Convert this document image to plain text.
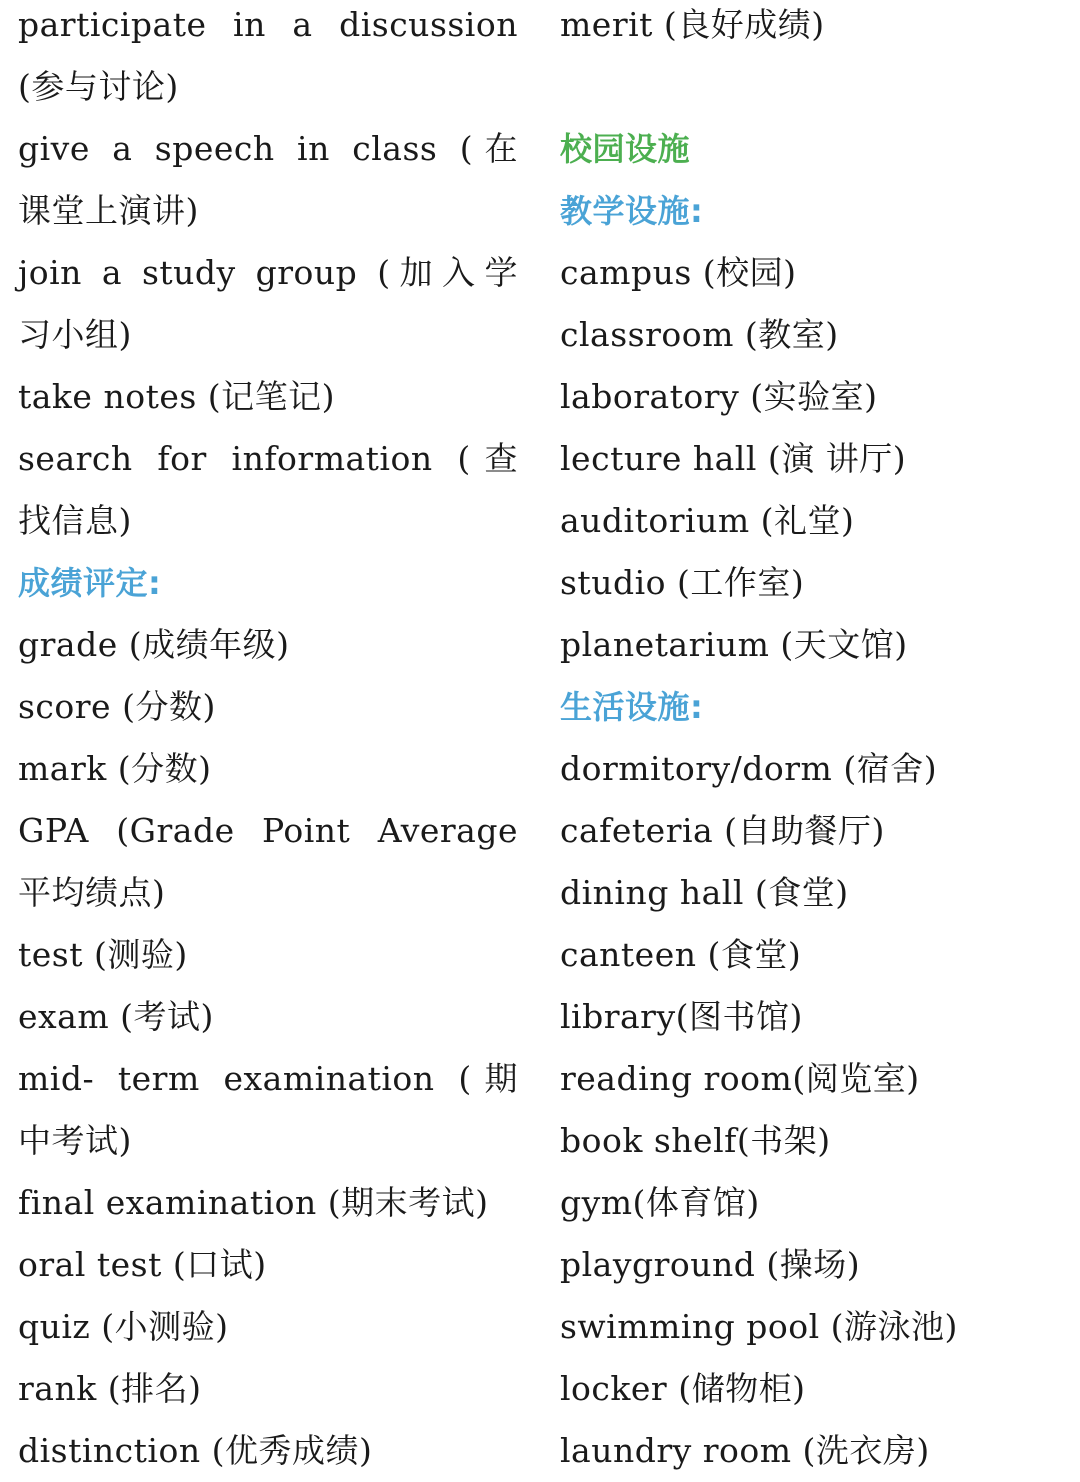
participate in a discussion
(参与讨论)
give a speech in class (在
课堂上演讲)
join a study group (加入学
习小组)
take notes (记笔记)
search for information (查
找信息)
成绩评定:
grade (成绩年级)
score (分数)
mark (分数)
GPA (Grade Point Average
平均绩点)
test (测验)
exam (考试)
mid- term examination (期
中考试)
final examination (期末考试)
oral test (口试)
quiz (小测验)
rank (排名)
distinction (优秀成绩)
merit (良好成绩)
校园设施
教学设施:
campus (校园)
classroom (教室)
laboratory (实验室)
lecture hall (演 讲厅)
auditorium (礼堂)
studio (工作室)
planetarium (天文馆)
生活设施:
dormitory/dorm (宿舍)
cafeteria (自助餐厅)
dining hall (食堂)
canteen (食堂)
library(图书馆)
reading room(阅览室)
book shelf(书架)
gym(体育馆)
playground (操场)
swimming pool (游泳池)
locker (储物柜)
laundry room (洗衣房)
